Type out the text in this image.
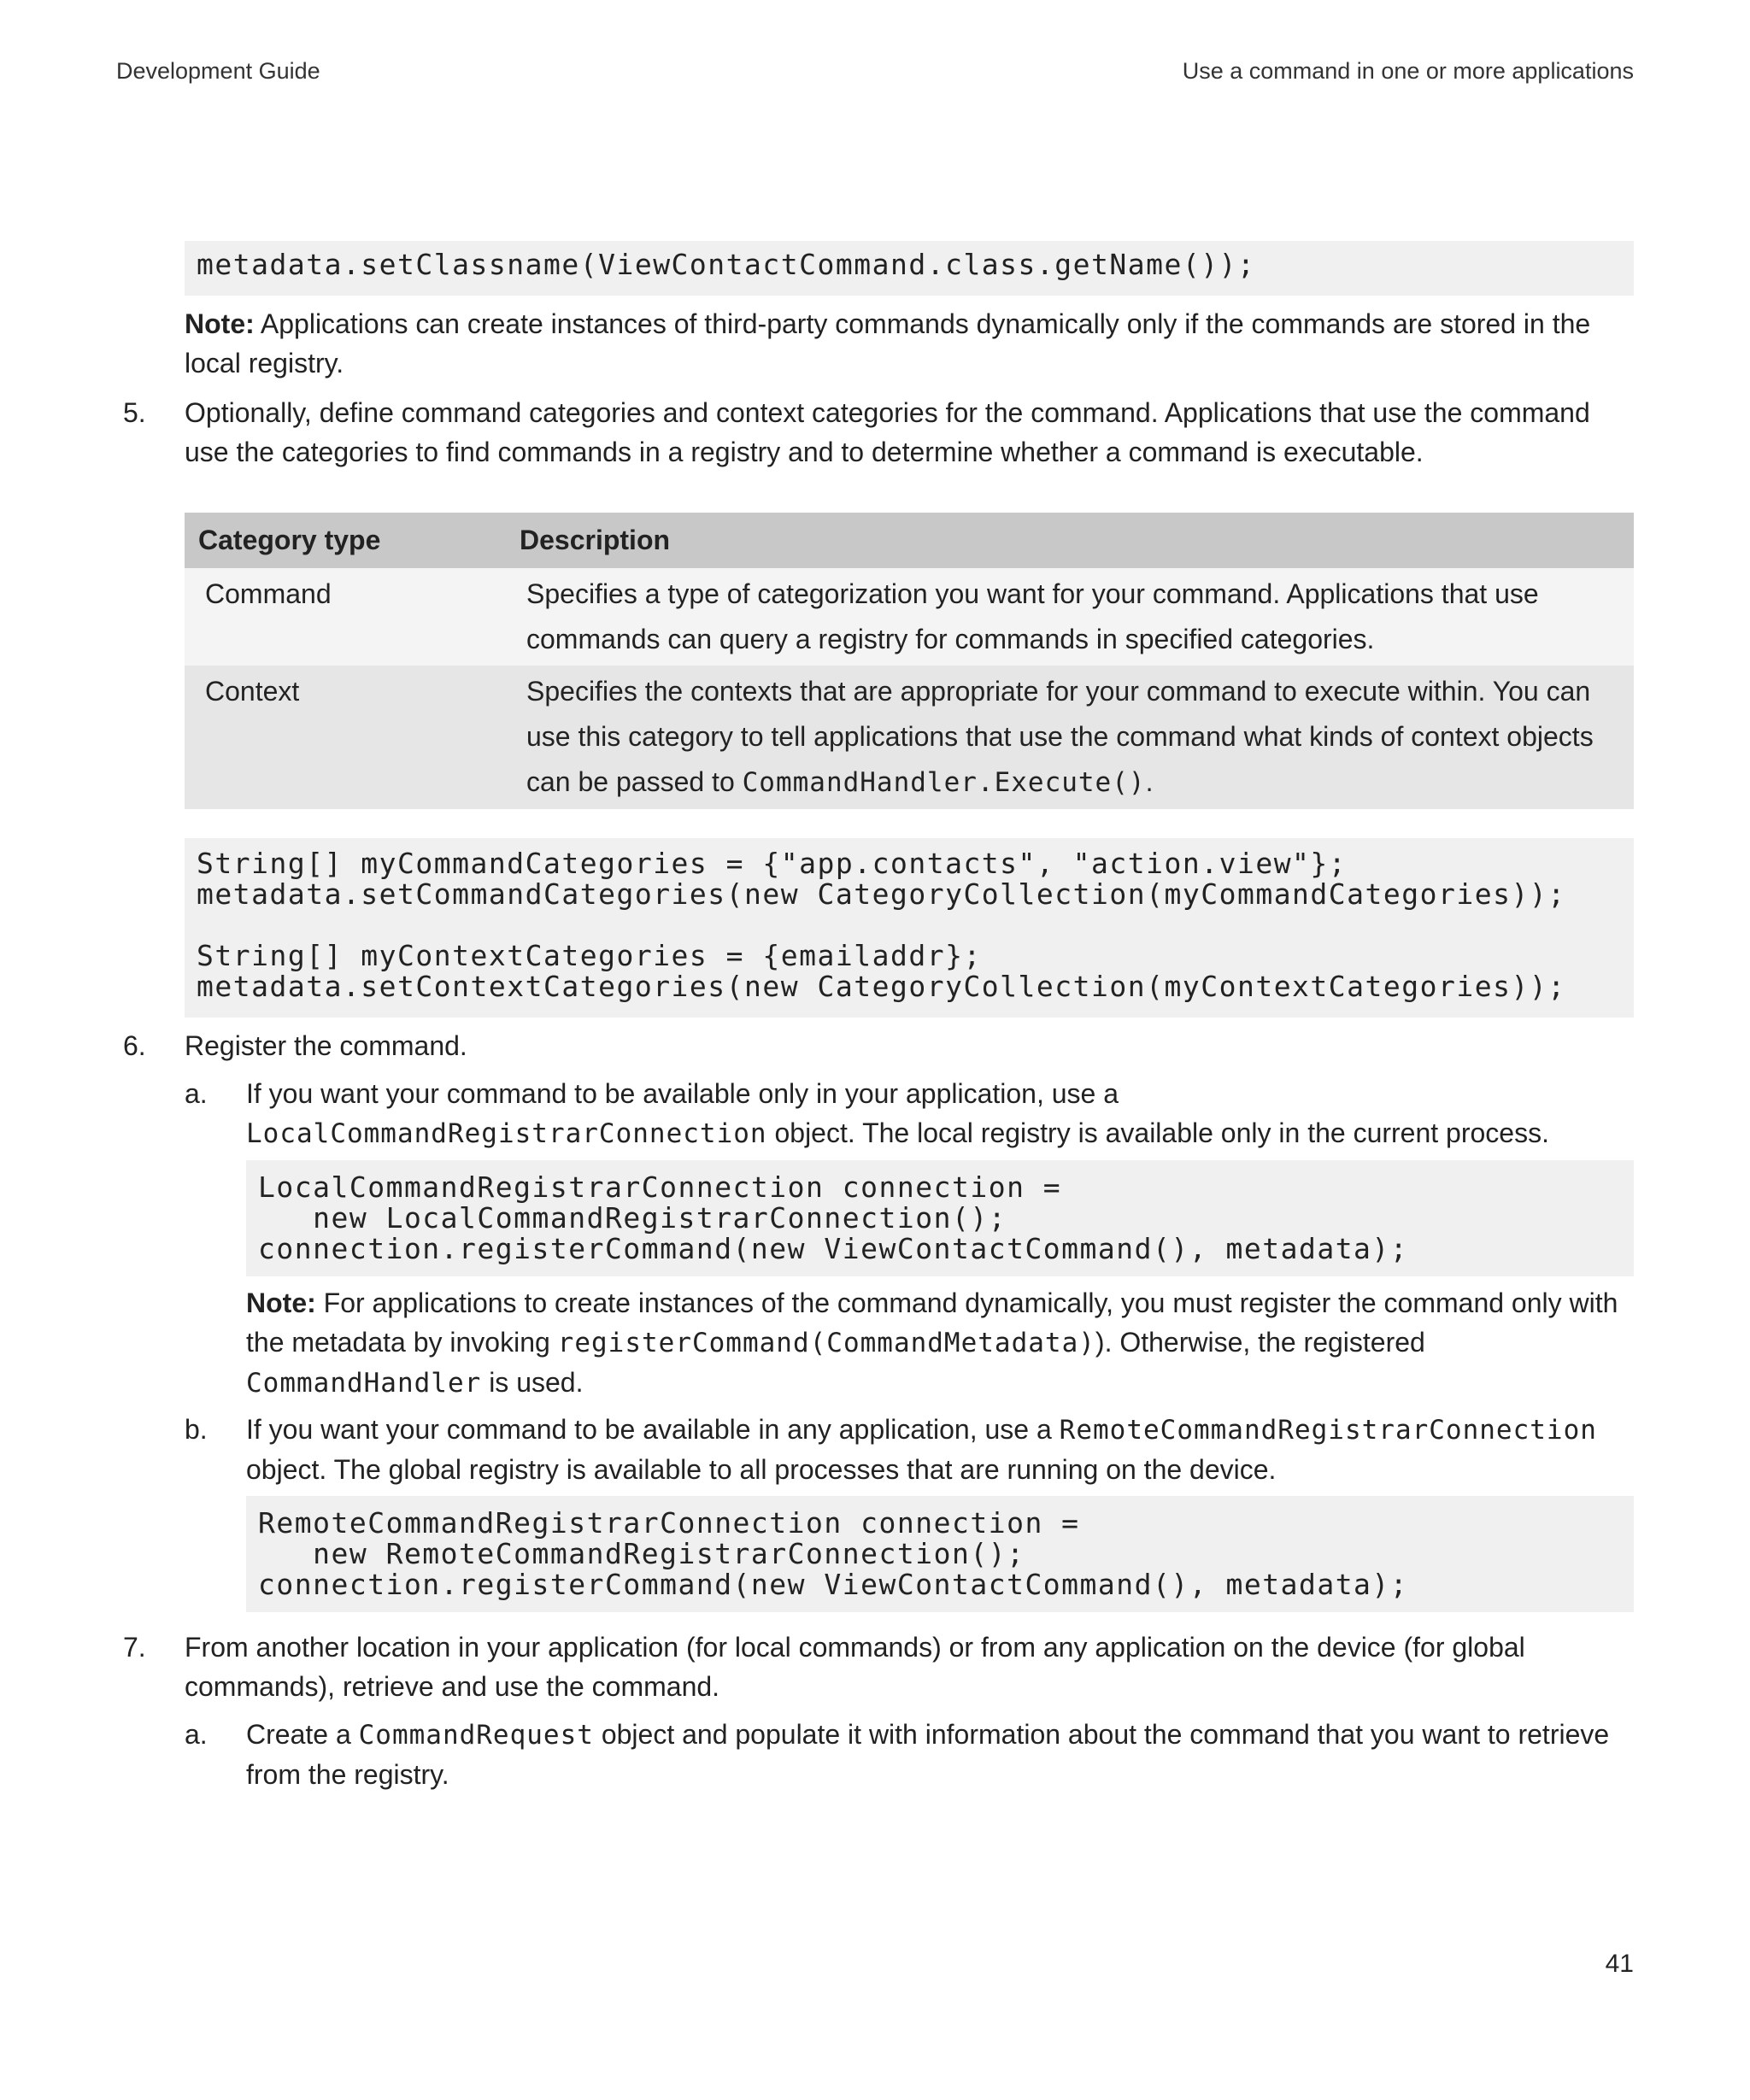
Development Guide	Use a command in one or more applications
metadata.setClassname(ViewContactCommand.class.getName());
Note: Applications can create instances of third-party commands dynamically only if the commands are stored in the local registry.
5. Optionally, define command categories and context categories for the command. Applications that use the command use the categories to find commands in a registry and to determine whether a command is executable.
Category type	Description
Command	Specifies a type of categorization you want for your command. Applications that use commands can query a registry for commands in specified categories.
Context	Specifies the contexts that are appropriate for your command to execute within. You can use this category to tell applications that use the command what kinds of context objects can be passed to CommandHandler.Execute().
String[] myCommandCategories = {"app.contacts", "action.view"};
metadata.setCommandCategories(new CategoryCollection(myCommandCategories));

String[] myContextCategories = {emailaddr};
metadata.setContextCategories(new CategoryCollection(myContextCategories));
6. Register the command.
a. If you want your command to be available only in your application, use a LocalCommandRegistrarConnection object. The local registry is available only in the current process.
LocalCommandRegistrarConnection connection =
new LocalCommandRegistrarConnection();
connection.registerCommand(new ViewContactCommand(), metadata);
Note: For applications to create instances of the command dynamically, you must register the command only with the metadata by invoking registerCommand(CommandMetadata)). Otherwise, the registered CommandHandler is used.
b. If you want your command to be available in any application, use a RemoteCommandRegistrarConnection object. The global registry is available to all processes that are running on the device.
RemoteCommandRegistrarConnection connection =
new RemoteCommandRegistrarConnection();
connection.registerCommand(new ViewContactCommand(), metadata);
7. From another location in your application (for local commands) or from any application on the device (for global commands), retrieve and use the command.
a. Create a CommandRequest object and populate it with information about the command that you want to retrieve from the registry.
41
